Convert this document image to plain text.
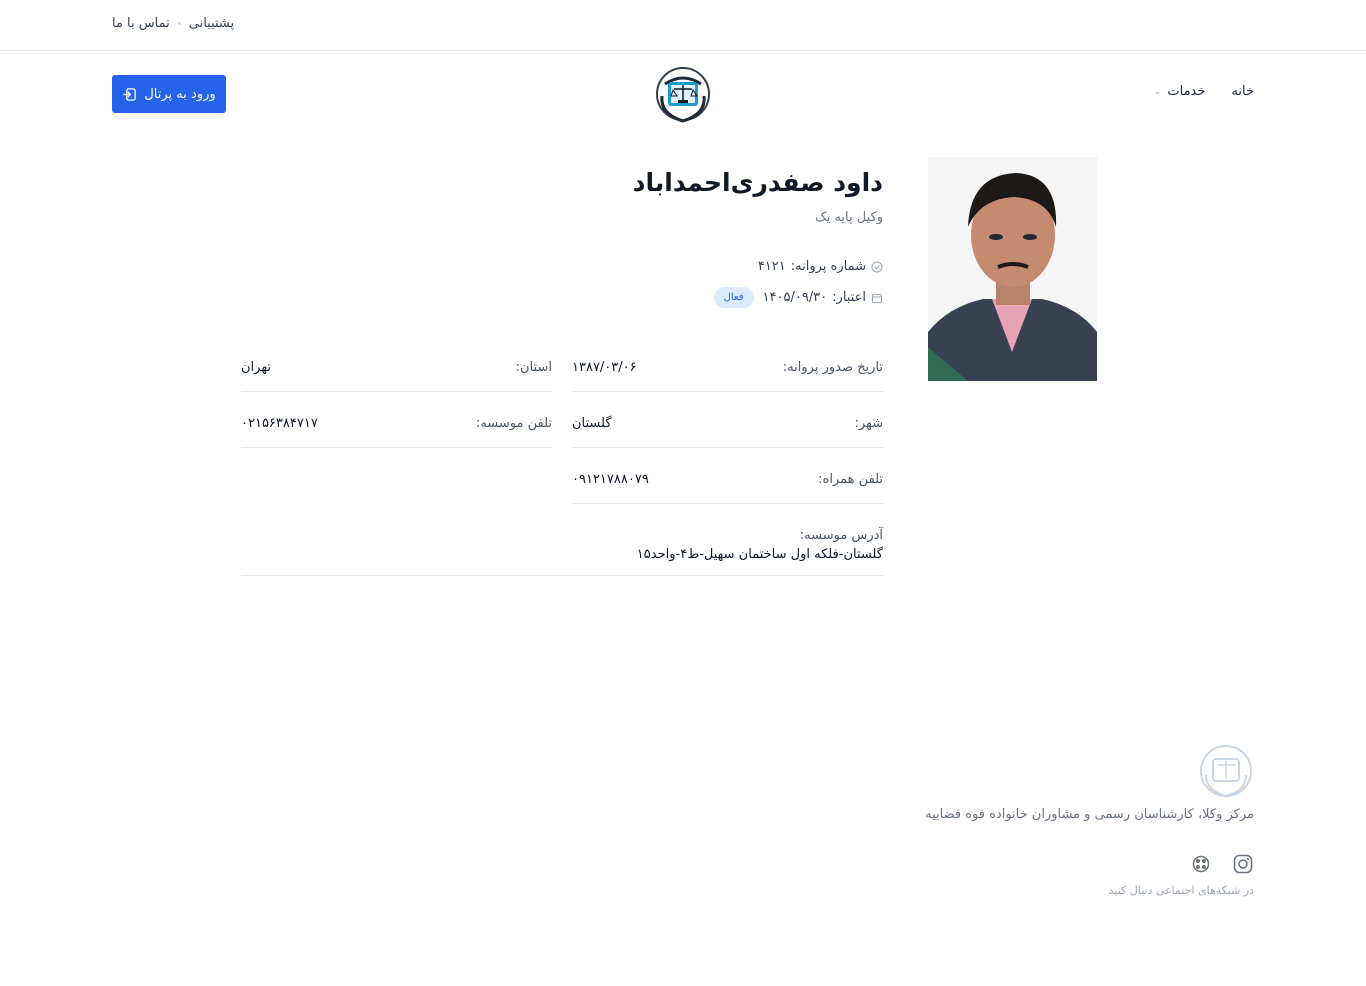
پشتیبانی
تماس با ما
خانه
خدمات
⌄
ورود به پرتال
داود صفدری‌احمداباد
وکیل پایه یک
شماره پروانه:
۴۱۲۱
اعتبار:
۱۴۰۵/۰۹/۳۰
فعال
تاریخ صدور پروانه:
۱۳۸۷/۰۳/۰۶
استان:
تهران
شهر:
گلستان
تلفن موسسه:
۰۲۱۵۶۳۸۴۷۱۷
تلفن همراه:
۰۹۱۲۱۷۸۸۰۷۹
آدرس موسسه:
گلستان-فلکه اول ساختمان سهیل-ط۴-واحد۱۵
مرکز وکلا، کارشناسان رسمی و مشاوران خانواده قوه قضاییه
در شبکه‌های اجتماعی دنبال کنید
